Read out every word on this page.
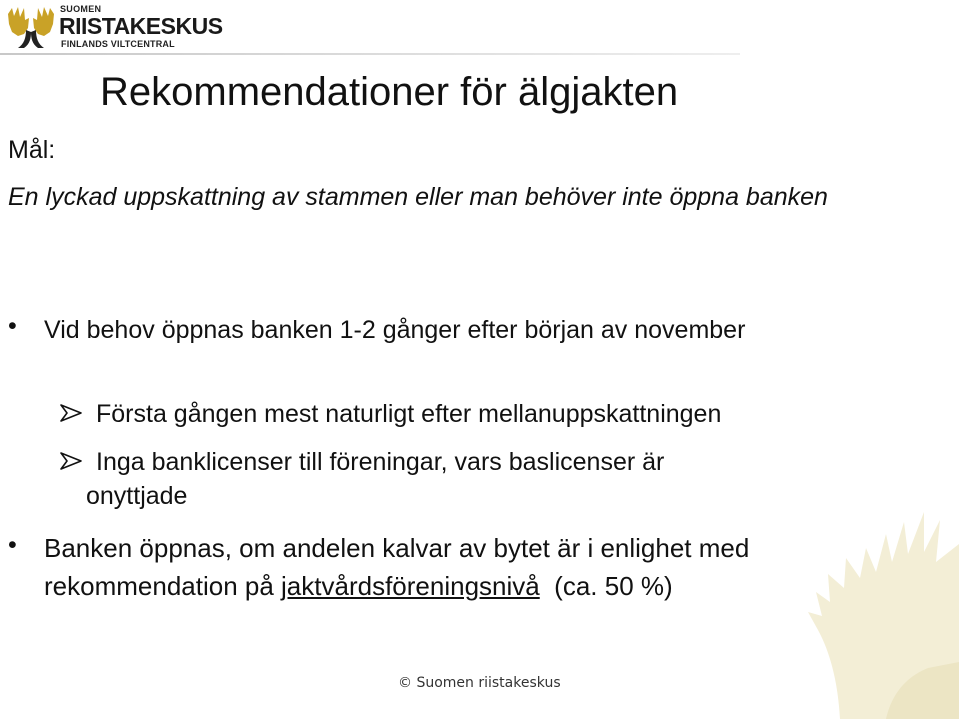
SUOMEN
RIISTAKESKUS
FINLANDS VILTCENTRAL
Rekommendationer för älgjakten
Mål:
En lyckad uppskattning av stammen eller man behöver inte öppna banken
• Vid behov öppnas banken 1-2 gånger efter början av november
Första gången mest naturligt efter mellanuppskattningen
Inga banklicenser till föreningar, vars baslicenser är
onyttjade
• Banken öppnas, om andelen kalvar av bytet är i enlighet med rekommendation på jaktvårdsföreningsnivå  (ca. 50 %)
© Suomen riistakeskus
